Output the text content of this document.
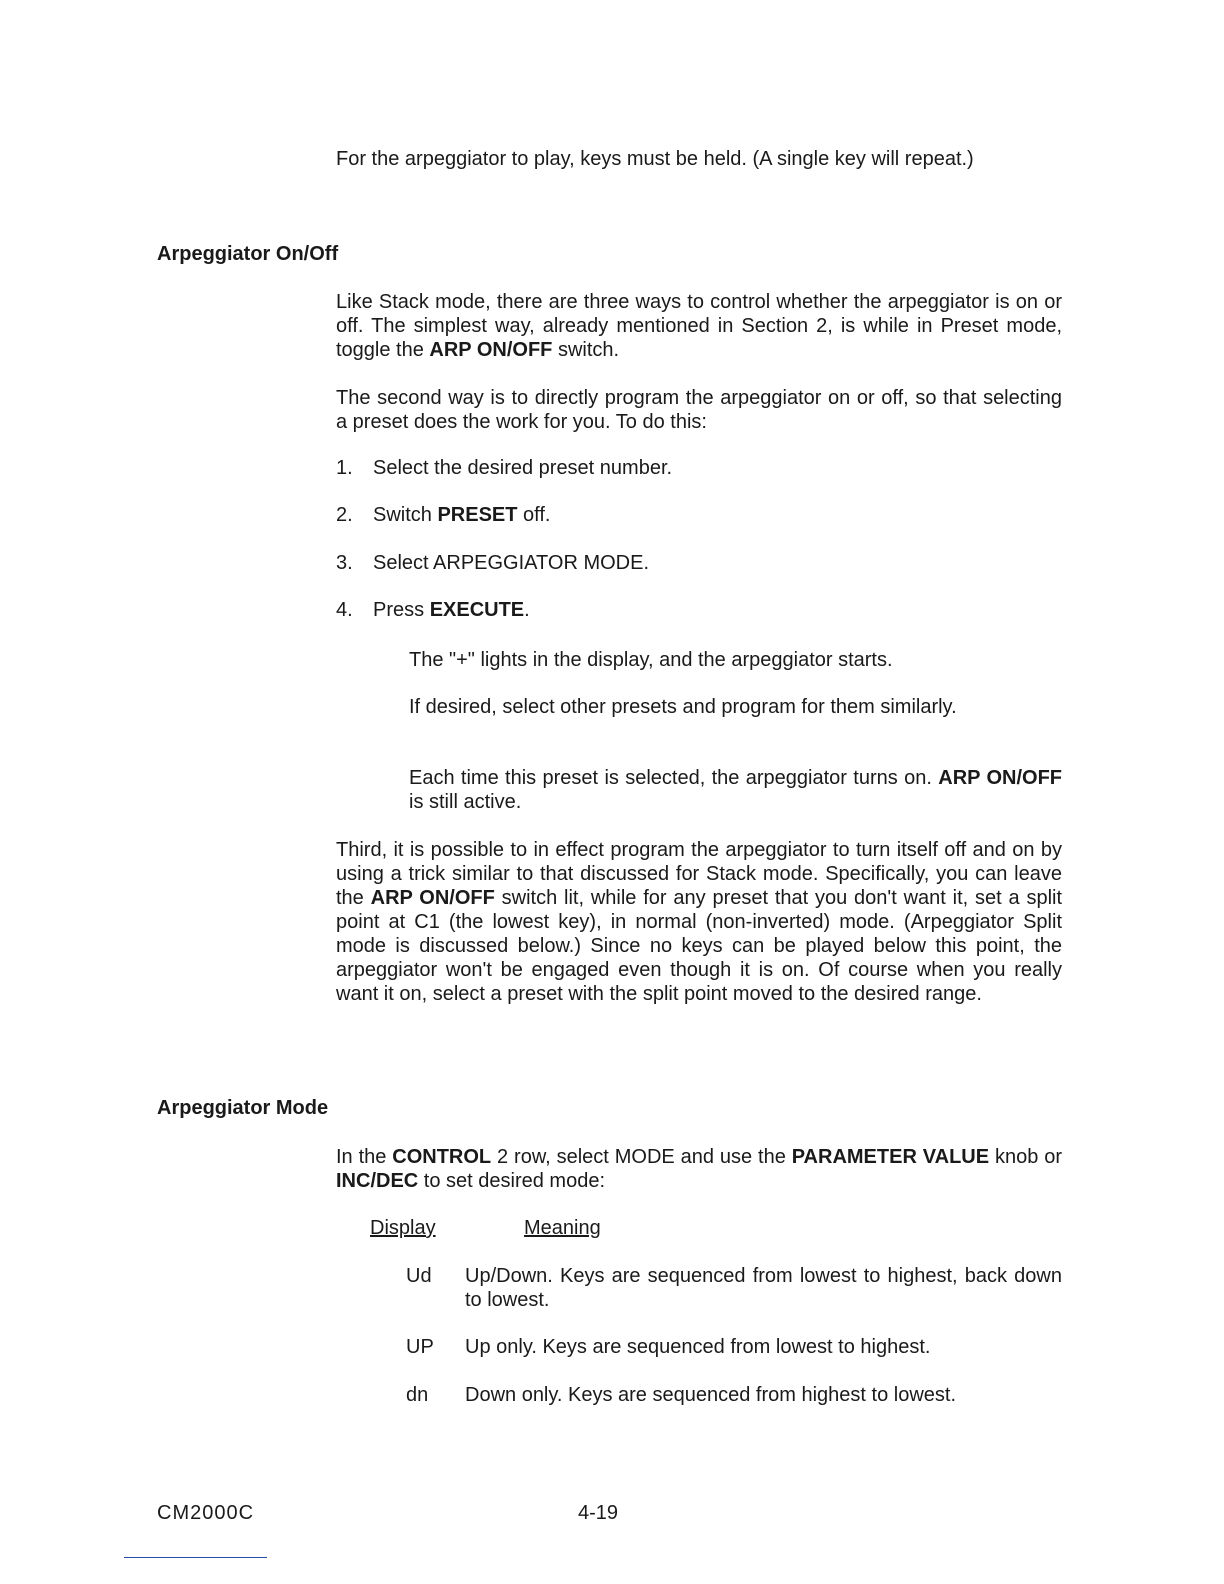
For the arpeggiator to play, keys must be held. (A single key will repeat.)

Arpeggiator On/Off

Like Stack mode, there are three ways to control whether the arpeggiator is on or off. The simplest way, already mentioned in Section 2, is while in Preset mode, toggle the ARP ON/OFF switch.

The second way is to directly program the arpeggiator on or off, so that selecting a preset does the work for you. To do this:

1. Select the desired preset number.
2. Switch PRESET off.
3. Select ARPEGGIATOR MODE.
4. Press EXECUTE.

The "+" lights in the display, and the arpeggiator starts.

If desired, select other presets and program for them similarly.

Each time this preset is selected, the arpeggiator turns on. ARP ON/OFF is still active.

Third, it is possible to in effect program the arpeggiator to turn itself off and on by using a trick similar to that discussed for Stack mode. Specifically, you can leave the ARP ON/OFF switch lit, while for any preset that you don't want it, set a split point at C1 (the lowest key), in normal (non-inverted) mode. (Arpeggiator Split mode is discussed below.) Since no keys can be played below this point, the arpeggiator won't be engaged even though it is on. Of course when you really want it on, select a preset with the split point moved to the desired range.

Arpeggiator Mode

In the CONTROL 2 row, select MODE and use the PARAMETER VALUE knob or INC/DEC to set desired mode:

Display	Meaning
Ud Up/Down. Keys are sequenced from lowest to highest, back down to lowest.

UP Up only. Keys are sequenced from lowest to highest.

dn Down only. Keys are sequenced from highest to lowest.

CM2000C	4-19
